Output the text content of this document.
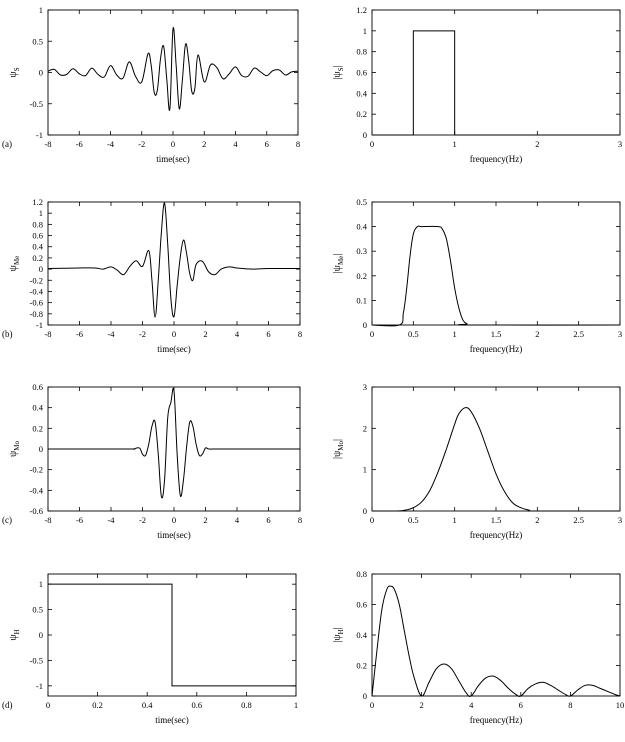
-8	-6	-4	-2	0	2	4	6	8
-1
-0.5
0
0.5
1
time(sec)
$\psi_S$
(a)	0	1	2	3
0
0.2
0.4
0.6
0.8
1
1.2
frequency(Hz)
$|\psi_S|$
-8	-6	-4	-2	0	2	4	6	8
-1
-0.8
-0.6
-0.4
-0.2
0
0.2
0.4
0.6
0.8
1
1.2
time(sec)
$\psi_{Me}$
(b)	0	0.5	1	1.5	2	2.5	3
0
0.1
0.2
0.3
0.4
0.5
frequency(Hz)
$|\psi_{Me}|$
-8	-6	-4	-2	0	2	4	6	8
-0.6
-0.4
-0.2
0
0.2
0.4
0.6
time(sec)
$\psi_{Mo}$
(c)	0	0.5	1	1.5	2	2.5	3
0
1
2
3
frequency(Hz)
$|\psi_{Mo}|$
0	0.2	0.4	0.6	0.8	1
-1
-0.5
0
0.5
1
time(sec)
$\psi_H$
(d)	0	2	4	6	8	10
0
0.2
0.4
0.6
0.8
frequency(Hz)
$|\psi_H|$
